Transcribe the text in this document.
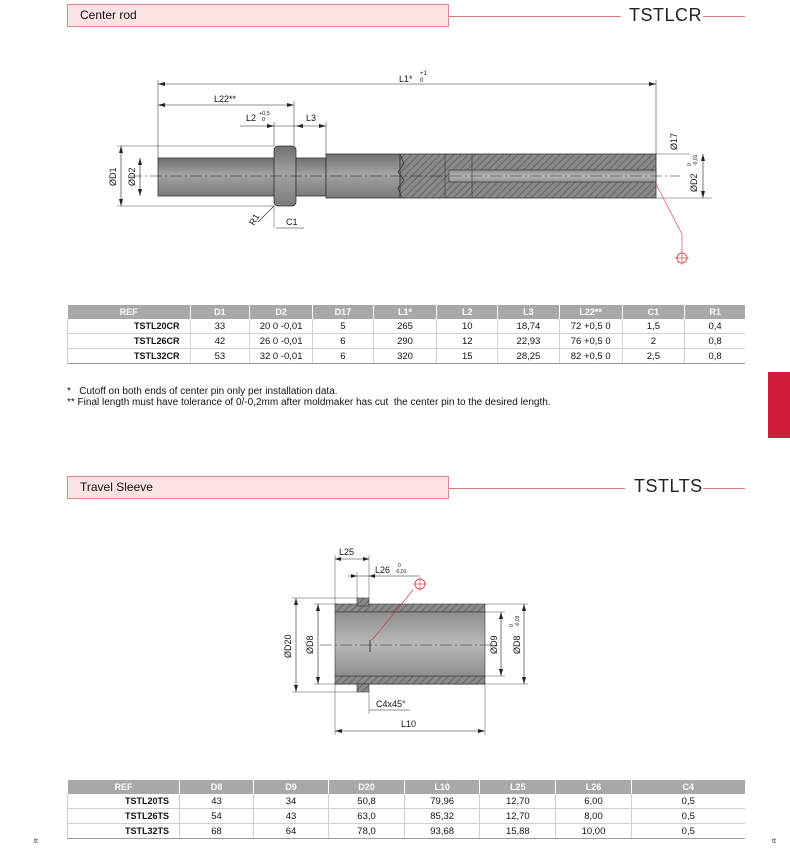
Center rod	TSTLCR
L1* +1
0
L22**
L2 +0,5
0	L3
ØD1 ØD2
R1	C1
Ø17
ØD2
0 -0,01
L25
L26 0
-0,01
ØD20 ØD8	ØD9 ØD8
0 -0,03
C4x45°
L10
REF	D1	D2	D17	L1*	L2	L3	L22**	C1	R1
TSTL20CR	33	20 0 -0,01	5	265	10	18,74	72 +0,5 0	1,5	0,4
TSTL26CR	42	26 0 -0,01	6	290	12	22,93	76 +0,5 0	2	0,8
TSTL32CR	53	32 0 -0,01	6	320	15	28,25	82 +0,5 0	2,5	0,8
*   Cutoff on both ends of center pin only per installation data.
** Final length must have tolerance of 0/-0,2mm after moldmaker has cut  the center pin to the desired length.
Travel Sleeve	TSTLTS
REF	D8	D9	D20	L10	L25	L26	C4
TSTL20TS	43	34	50,8	79,96	12,70	6,00	0,5
TSTL26TS	54	43	63,0	85,32	12,70	8,00	0,5
TSTL32TS	68	64	78,0	93,68	15,88	10,00	0,5
tt	tt
